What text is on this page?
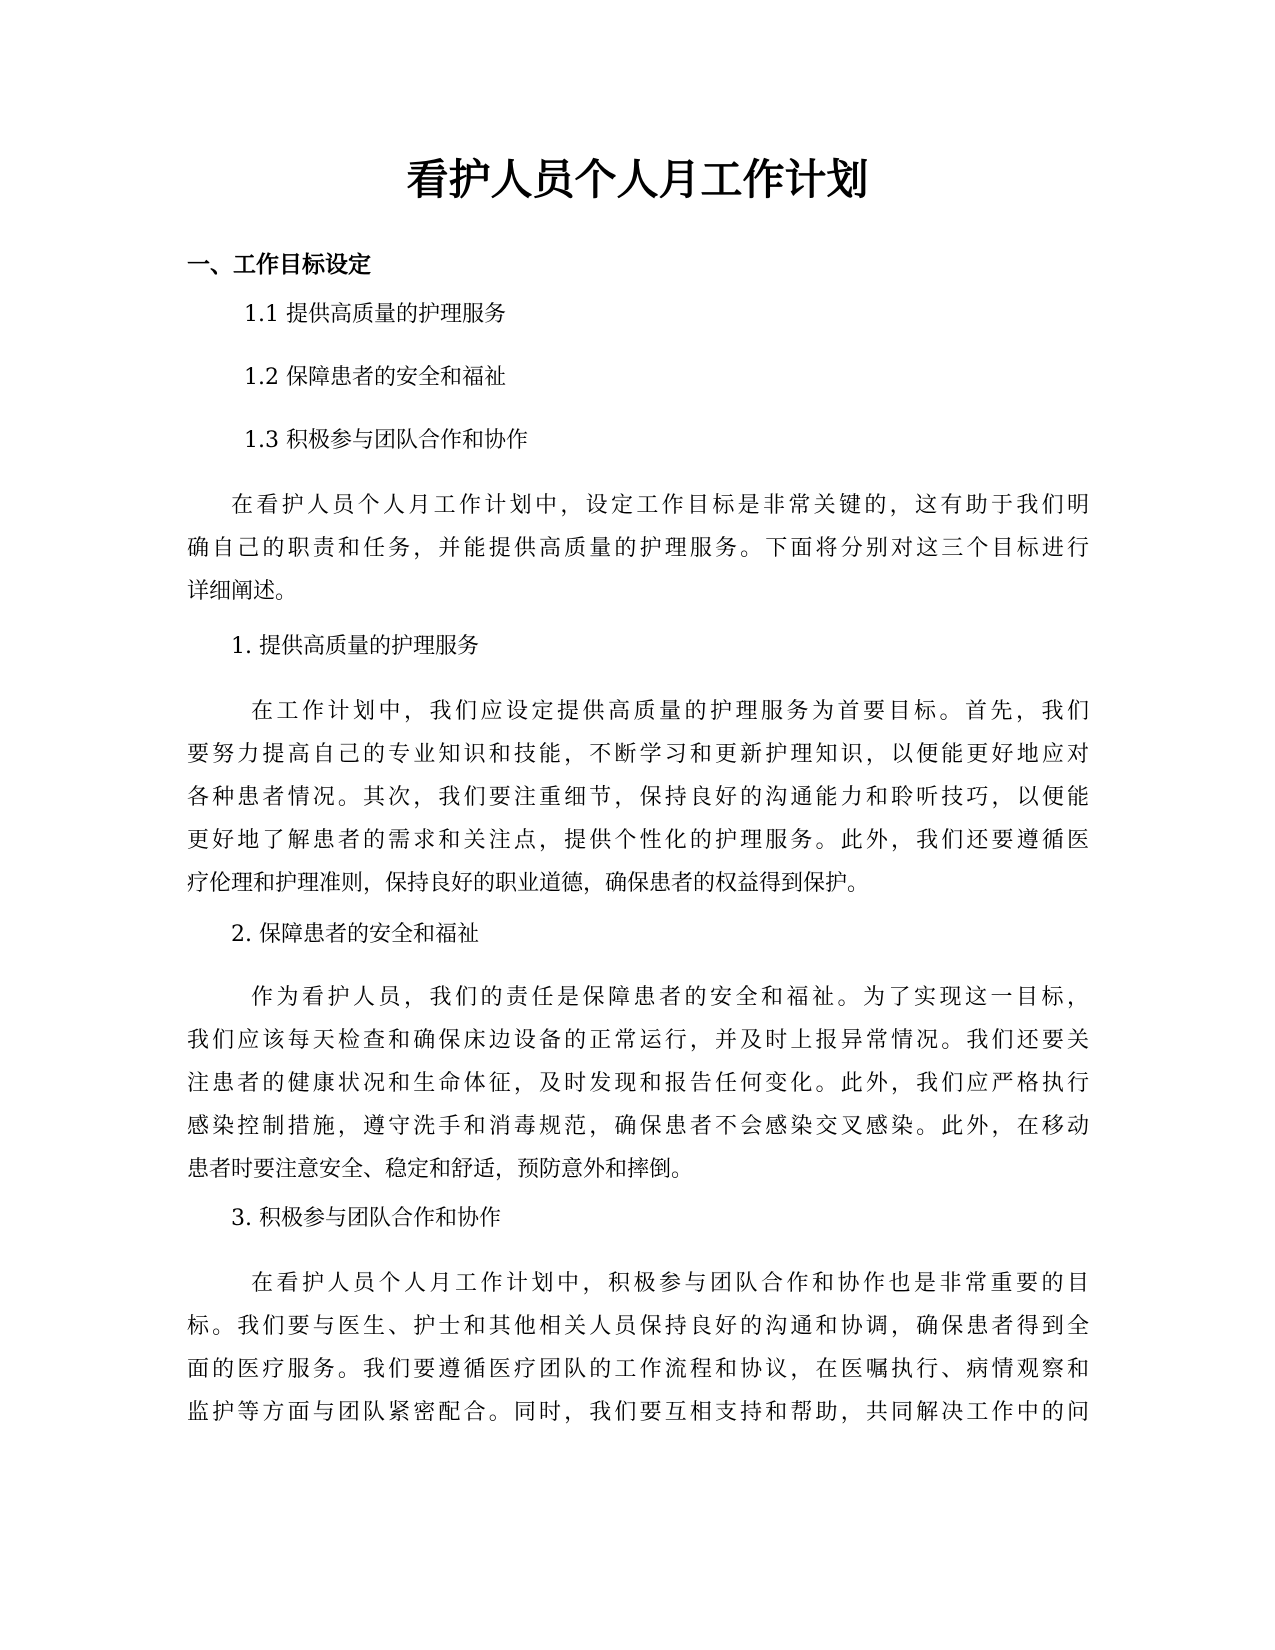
看护人员个人月工作计划
一、工作目标设定
1.1 提供高质量的护理服务
1.2 保障患者的安全和福祉
1.3 积极参与团队合作和协作
在看护人员个人月工作计划中，设定工作目标是非常关键的，这有助于我们明
确自己的职责和任务，并能提供高质量的护理服务。下面将分别对这三个目标进行
详细阐述。
1. 提供高质量的护理服务
在工作计划中，我们应设定提供高质量的护理服务为首要目标。首先，我们
要努力提高自己的专业知识和技能，不断学习和更新护理知识，以便能更好地应对
各种患者情况。其次，我们要注重细节，保持良好的沟通能力和聆听技巧，以便能
更好地了解患者的需求和关注点，提供个性化的护理服务。此外，我们还要遵循医
疗伦理和护理准则，保持良好的职业道德，确保患者的权益得到保护。
2. 保障患者的安全和福祉
作为看护人员，我们的责任是保障患者的安全和福祉。为了实现这一目标，
我们应该每天检查和确保床边设备的正常运行，并及时上报异常情况。我们还要关
注患者的健康状况和生命体征，及时发现和报告任何变化。此外，我们应严格执行
感染控制措施，遵守洗手和消毒规范，确保患者不会感染交叉感染。此外，在移动
患者时要注意安全、稳定和舒适，预防意外和摔倒。
3. 积极参与团队合作和协作
在看护人员个人月工作计划中，积极参与团队合作和协作也是非常重要的目
标。我们要与医生、护士和其他相关人员保持良好的沟通和协调，确保患者得到全
面的医疗服务。我们要遵循医疗团队的工作流程和协议，在医嘱执行、病情观察和
监护等方面与团队紧密配合。同时，我们要互相支持和帮助，共同解决工作中的问
